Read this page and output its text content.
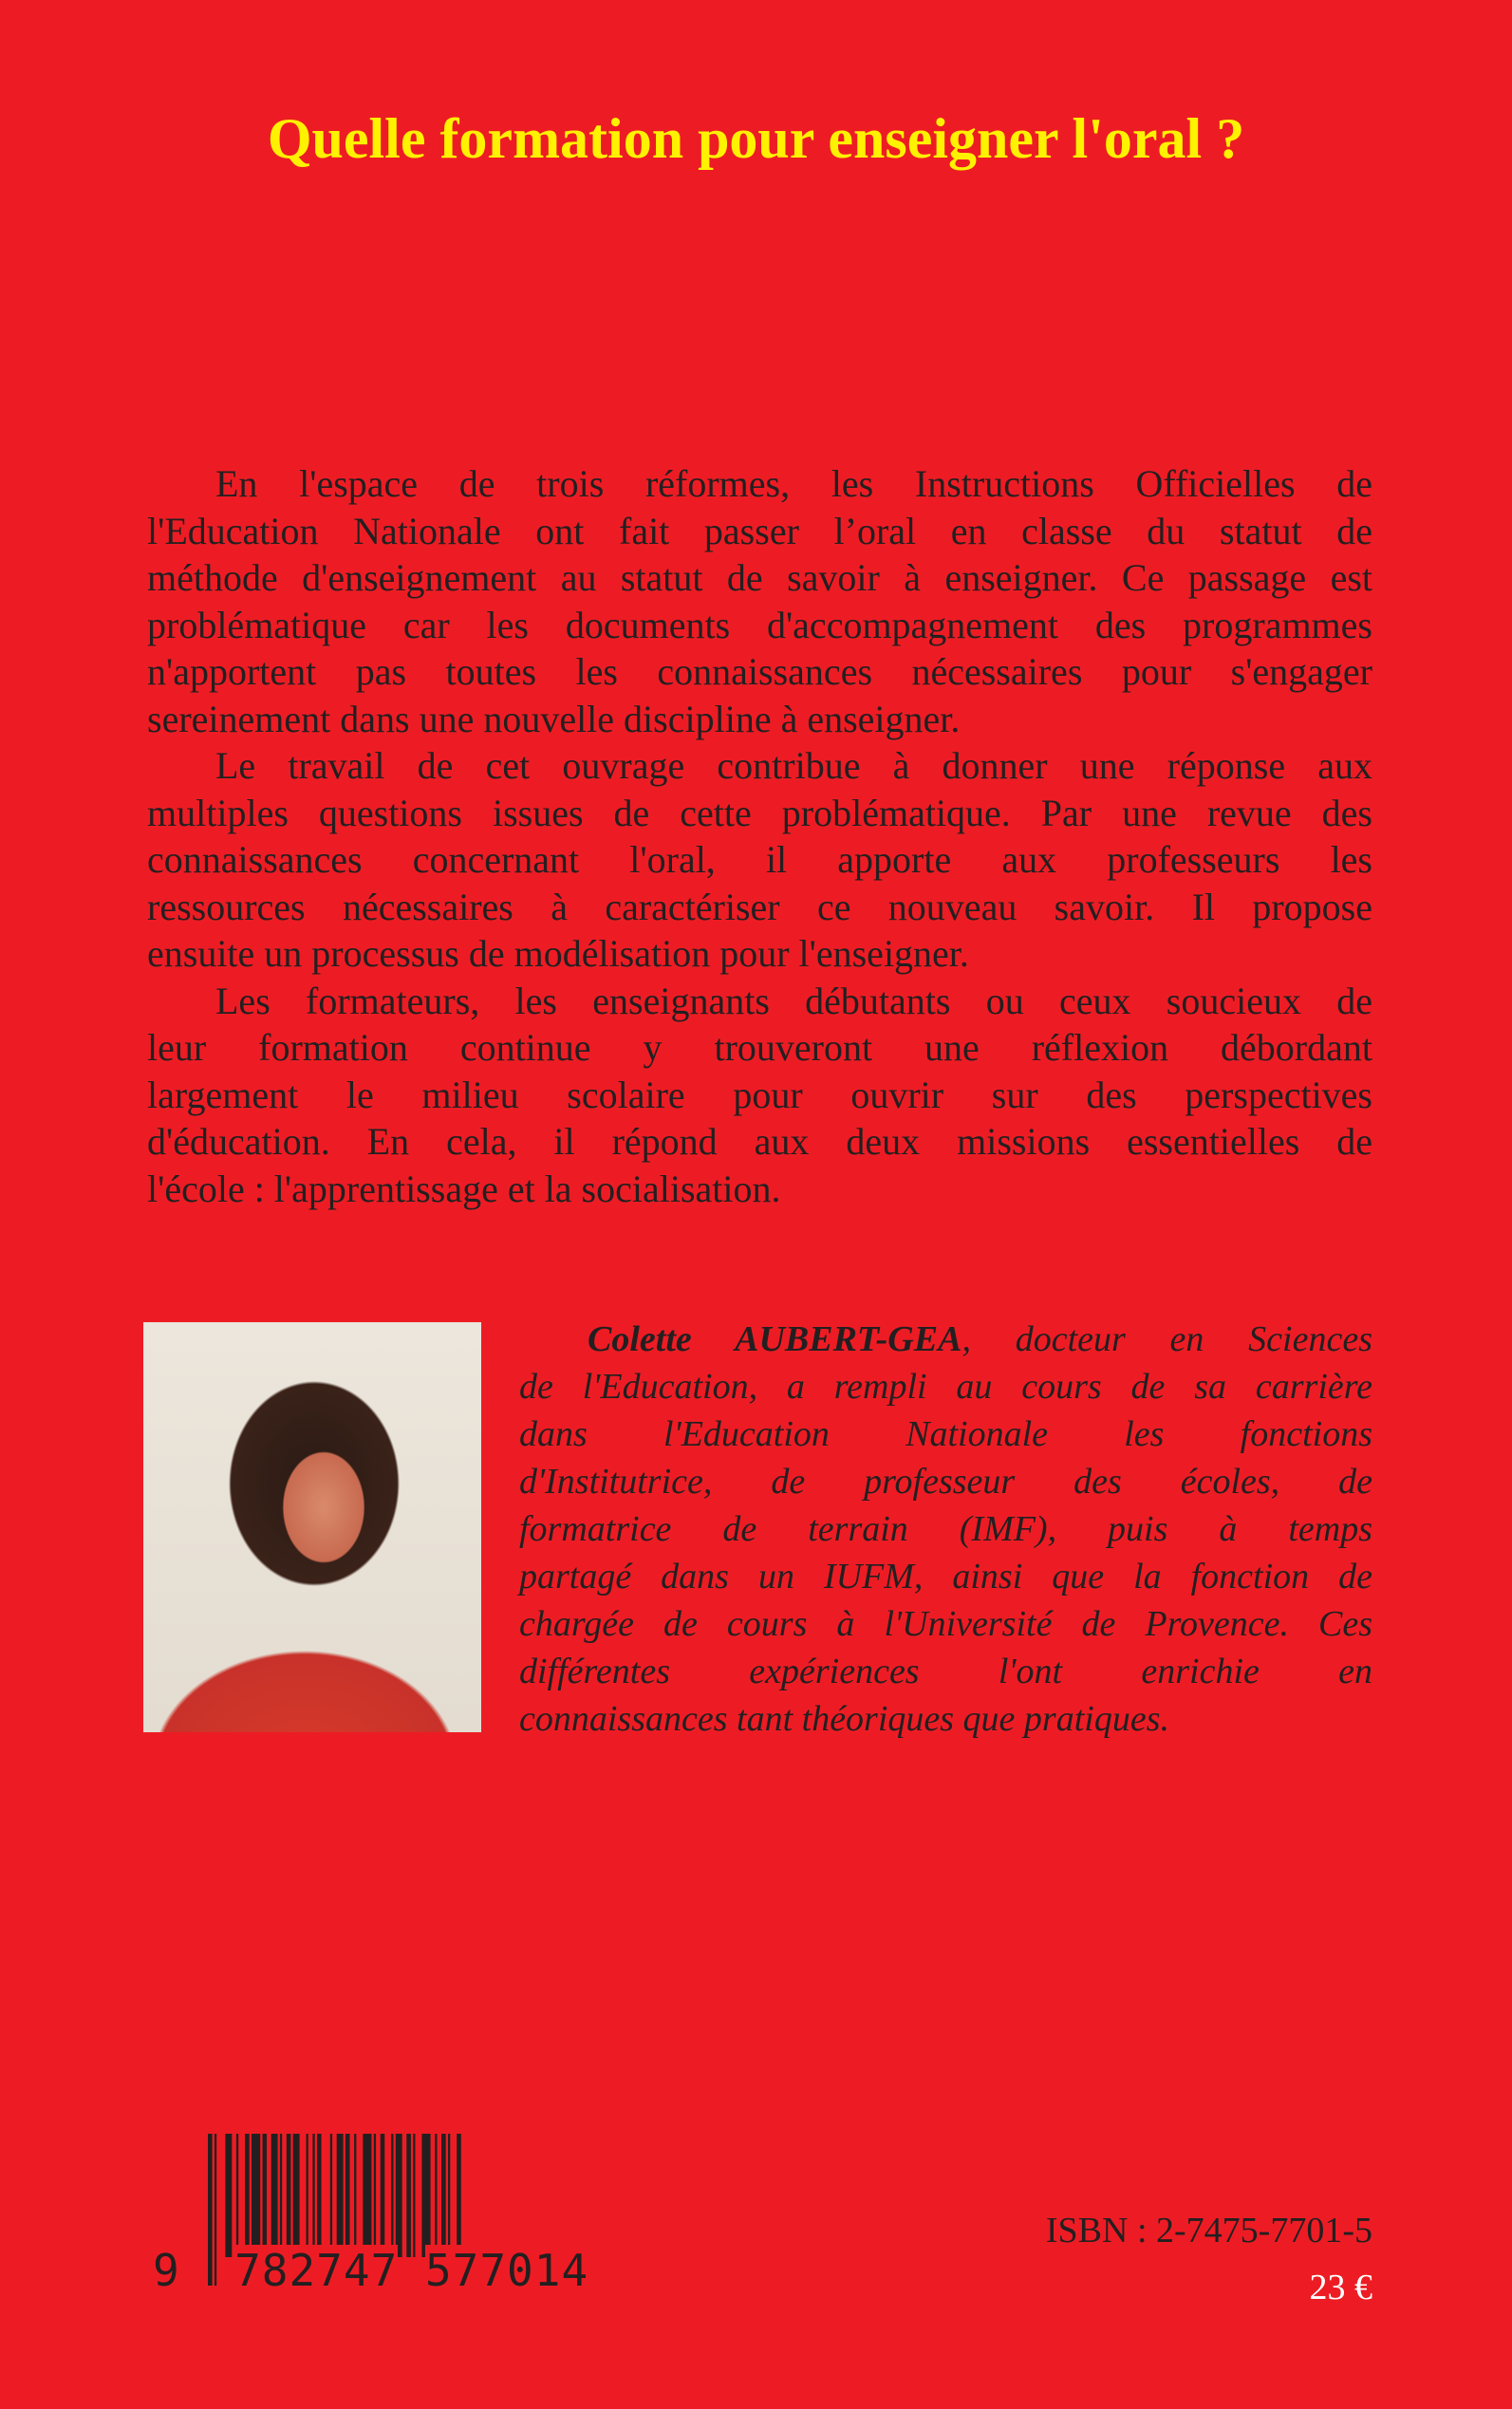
Quelle formation pour enseigner l'oral ?
En l'espace de trois réformes, les Instructions Officielles de
l'Education Nationale ont fait passer l’oral en classe du statut de
méthode d'enseignement au statut de savoir à enseigner. Ce passage est
problématique car les documents d'accompagnement des programmes
n'apportent pas toutes les connaissances nécessaires pour s'engager
sereinement dans une nouvelle discipline à enseigner.
Le travail de cet ouvrage contribue à donner une réponse aux
multiples questions issues de cette problématique. Par une revue des
connaissances concernant l'oral, il apporte aux professeurs les
ressources nécessaires à caractériser ce nouveau savoir. Il propose
ensuite un processus de modélisation pour l'enseigner.
Les formateurs, les enseignants débutants ou ceux soucieux de
leur formation continue y trouveront une réflexion débordant
largement le milieu scolaire pour ouvrir sur des perspectives
d'éducation. En cela, il répond aux deux missions essentielles de
l'école : l'apprentissage et la socialisation.
Colette AUBERT-GEA, docteur en Sciences
de l'Education, a rempli au cours de sa carrière
dans l'Education Nationale les fonctions
d'Institutrice, de professeur des écoles, de
formatrice de terrain (IMF), puis à temps
partagé dans un IUFM, ainsi que la fonction de
chargée de cours à l'Université de Provence. Ces
différentes expériences l'ont enrichie en
connaissances tant théoriques que pratiques.
9 782747 577014
ISBN : 2-7475-7701-5
23 €
